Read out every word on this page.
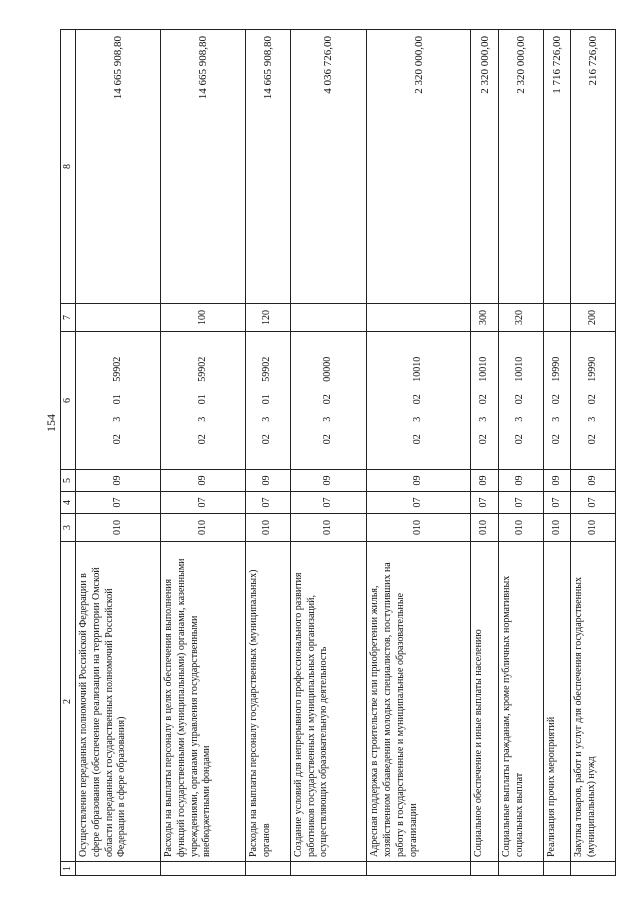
154
1	2	3	4	5	6	7	8
	Осуществление переданных полномочий Российской Федерации в сфере образования (обеспечение реализации на территории Омской области переданных государственных полномочий Российской Федерации в сфере образования)	010	07	09	02 3 01 59902		14 665 908,80
	Расходы на выплаты персоналу в целях обеспечения выполнения функций государственными (муниципальными) органами, казенными учреждениями, органами управления государственными внебюджетными фондами	010	07	09	02 3 01 59902	100	14 665 908,80
	Расходы на выплаты персоналу государственных (муниципальных) органов	010	07	09	02 3 01 59902	120	14 665 908,80
	Создание условий для непрерывного профессионального развития работников государственных и муниципальных организаций, осуществляющих образовательную деятельность	010	07	09	02 3 02 00000		4 036 726,00
	Адресная поддержка в строительстве или приобретении жилья, хозяйственном обзаведении молодых специалистов, поступивших на работу в государственные и муниципальные образовательные организации	010	07	09	02 3 02 10010		2 320 000,00
	Социальное обеспечение и иные выплаты населению	010	07	09	02 3 02 10010	300	2 320 000,00
	Социальные выплаты гражданам, кроме публичных нормативных социальных выплат	010	07	09	02 3 02 10010	320	2 320 000,00
	Реализация прочих мероприятий	010	07	09	02 3 02 19990		1 716 726,00
	Закупка товаров, работ и услуг для обеспечения государственных (муниципальных) нужд	010	07	09	02 3 02 19990	200	216 726,00
